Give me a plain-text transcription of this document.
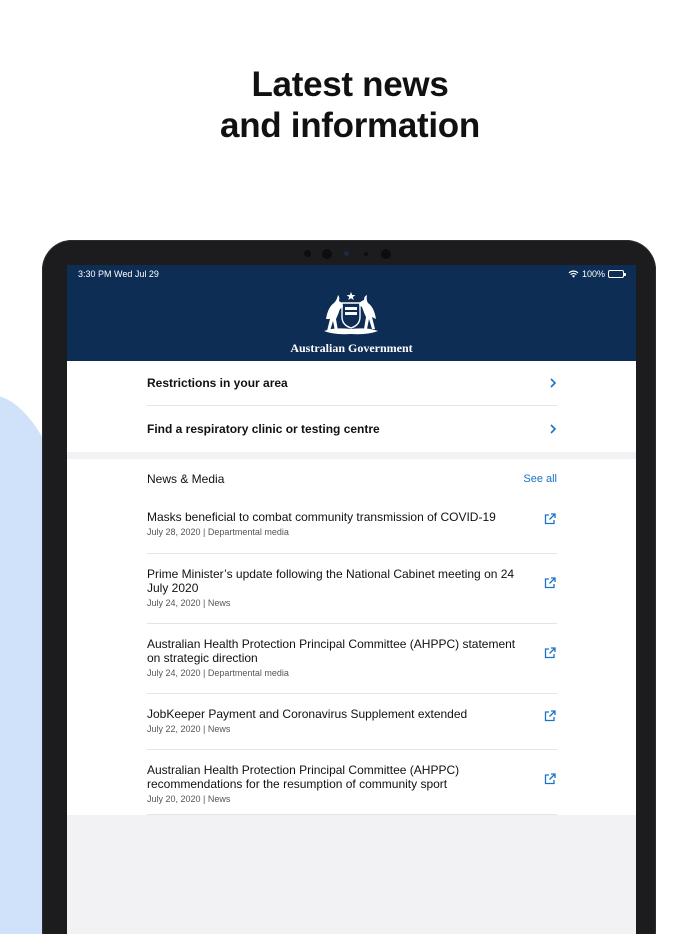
Latest news
and information
3:30 PM Wed Jul 29	100%
Australian Government
Restrictions in your area
Find a respiratory clinic or testing centre
News & Media	See all
Masks beneficial to combat community transmission of COVID-19
July 28, 2020 | Departmental media
Prime Minister’s update following the National Cabinet meeting on 24 July 2020
July 24, 2020 | News
Australian Health Protection Principal Committee (AHPPC) statement on strategic direction
July 24, 2020 | Departmental media
JobKeeper Payment and Coronavirus Supplement extended
July 22, 2020 | News
Australian Health Protection Principal Committee (AHPPC) recommendations for the resumption of community sport
July 20, 2020 | News
